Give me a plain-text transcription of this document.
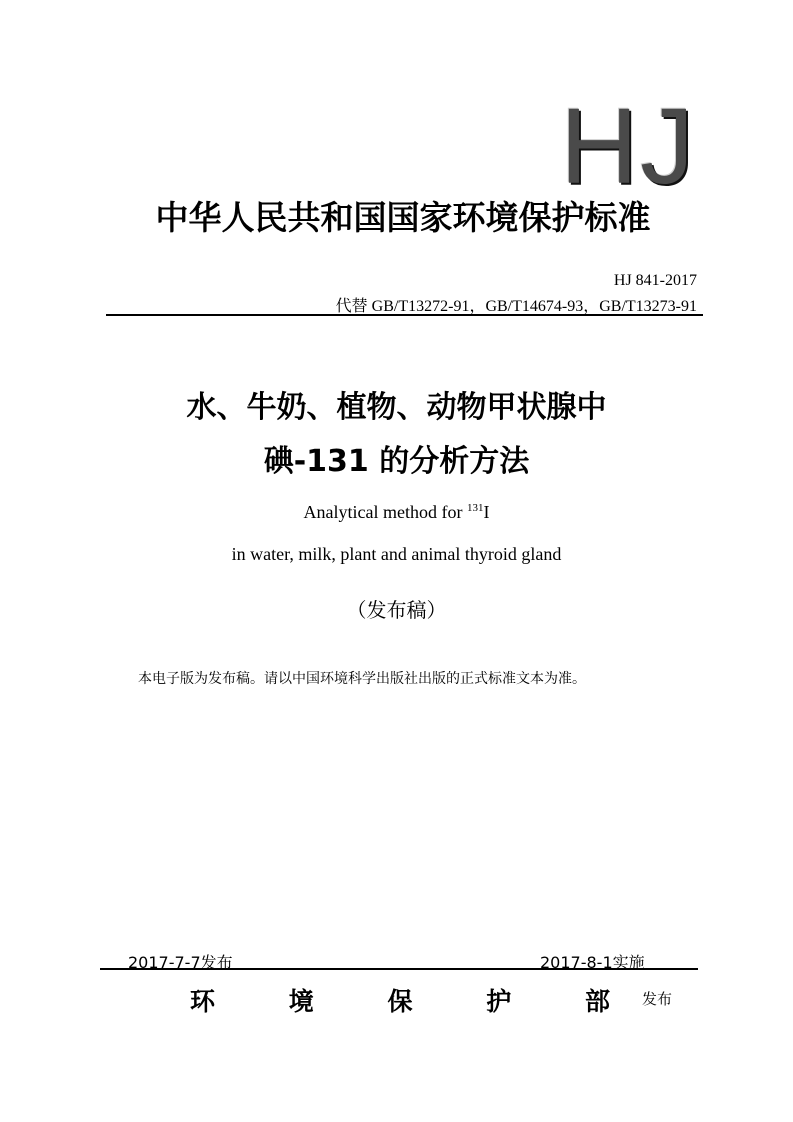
HJ
中华人民共和国国家环境保护标准
HJ 841-2017
代替 GB/T13272-91，GB/T14674-93，GB/T13273-91
水、牛奶、植物、动物甲状腺中
碘-131 的分析方法
Analytical method for $^{131}$I
in water, milk, plant and animal thyroid gland
（发布稿）
本电子版为发布稿。请以中国环境科学出版社出版的正式标准文本为准。
2017-7-7发布	2017-8-1实施
环	境	保	护	部 发布
